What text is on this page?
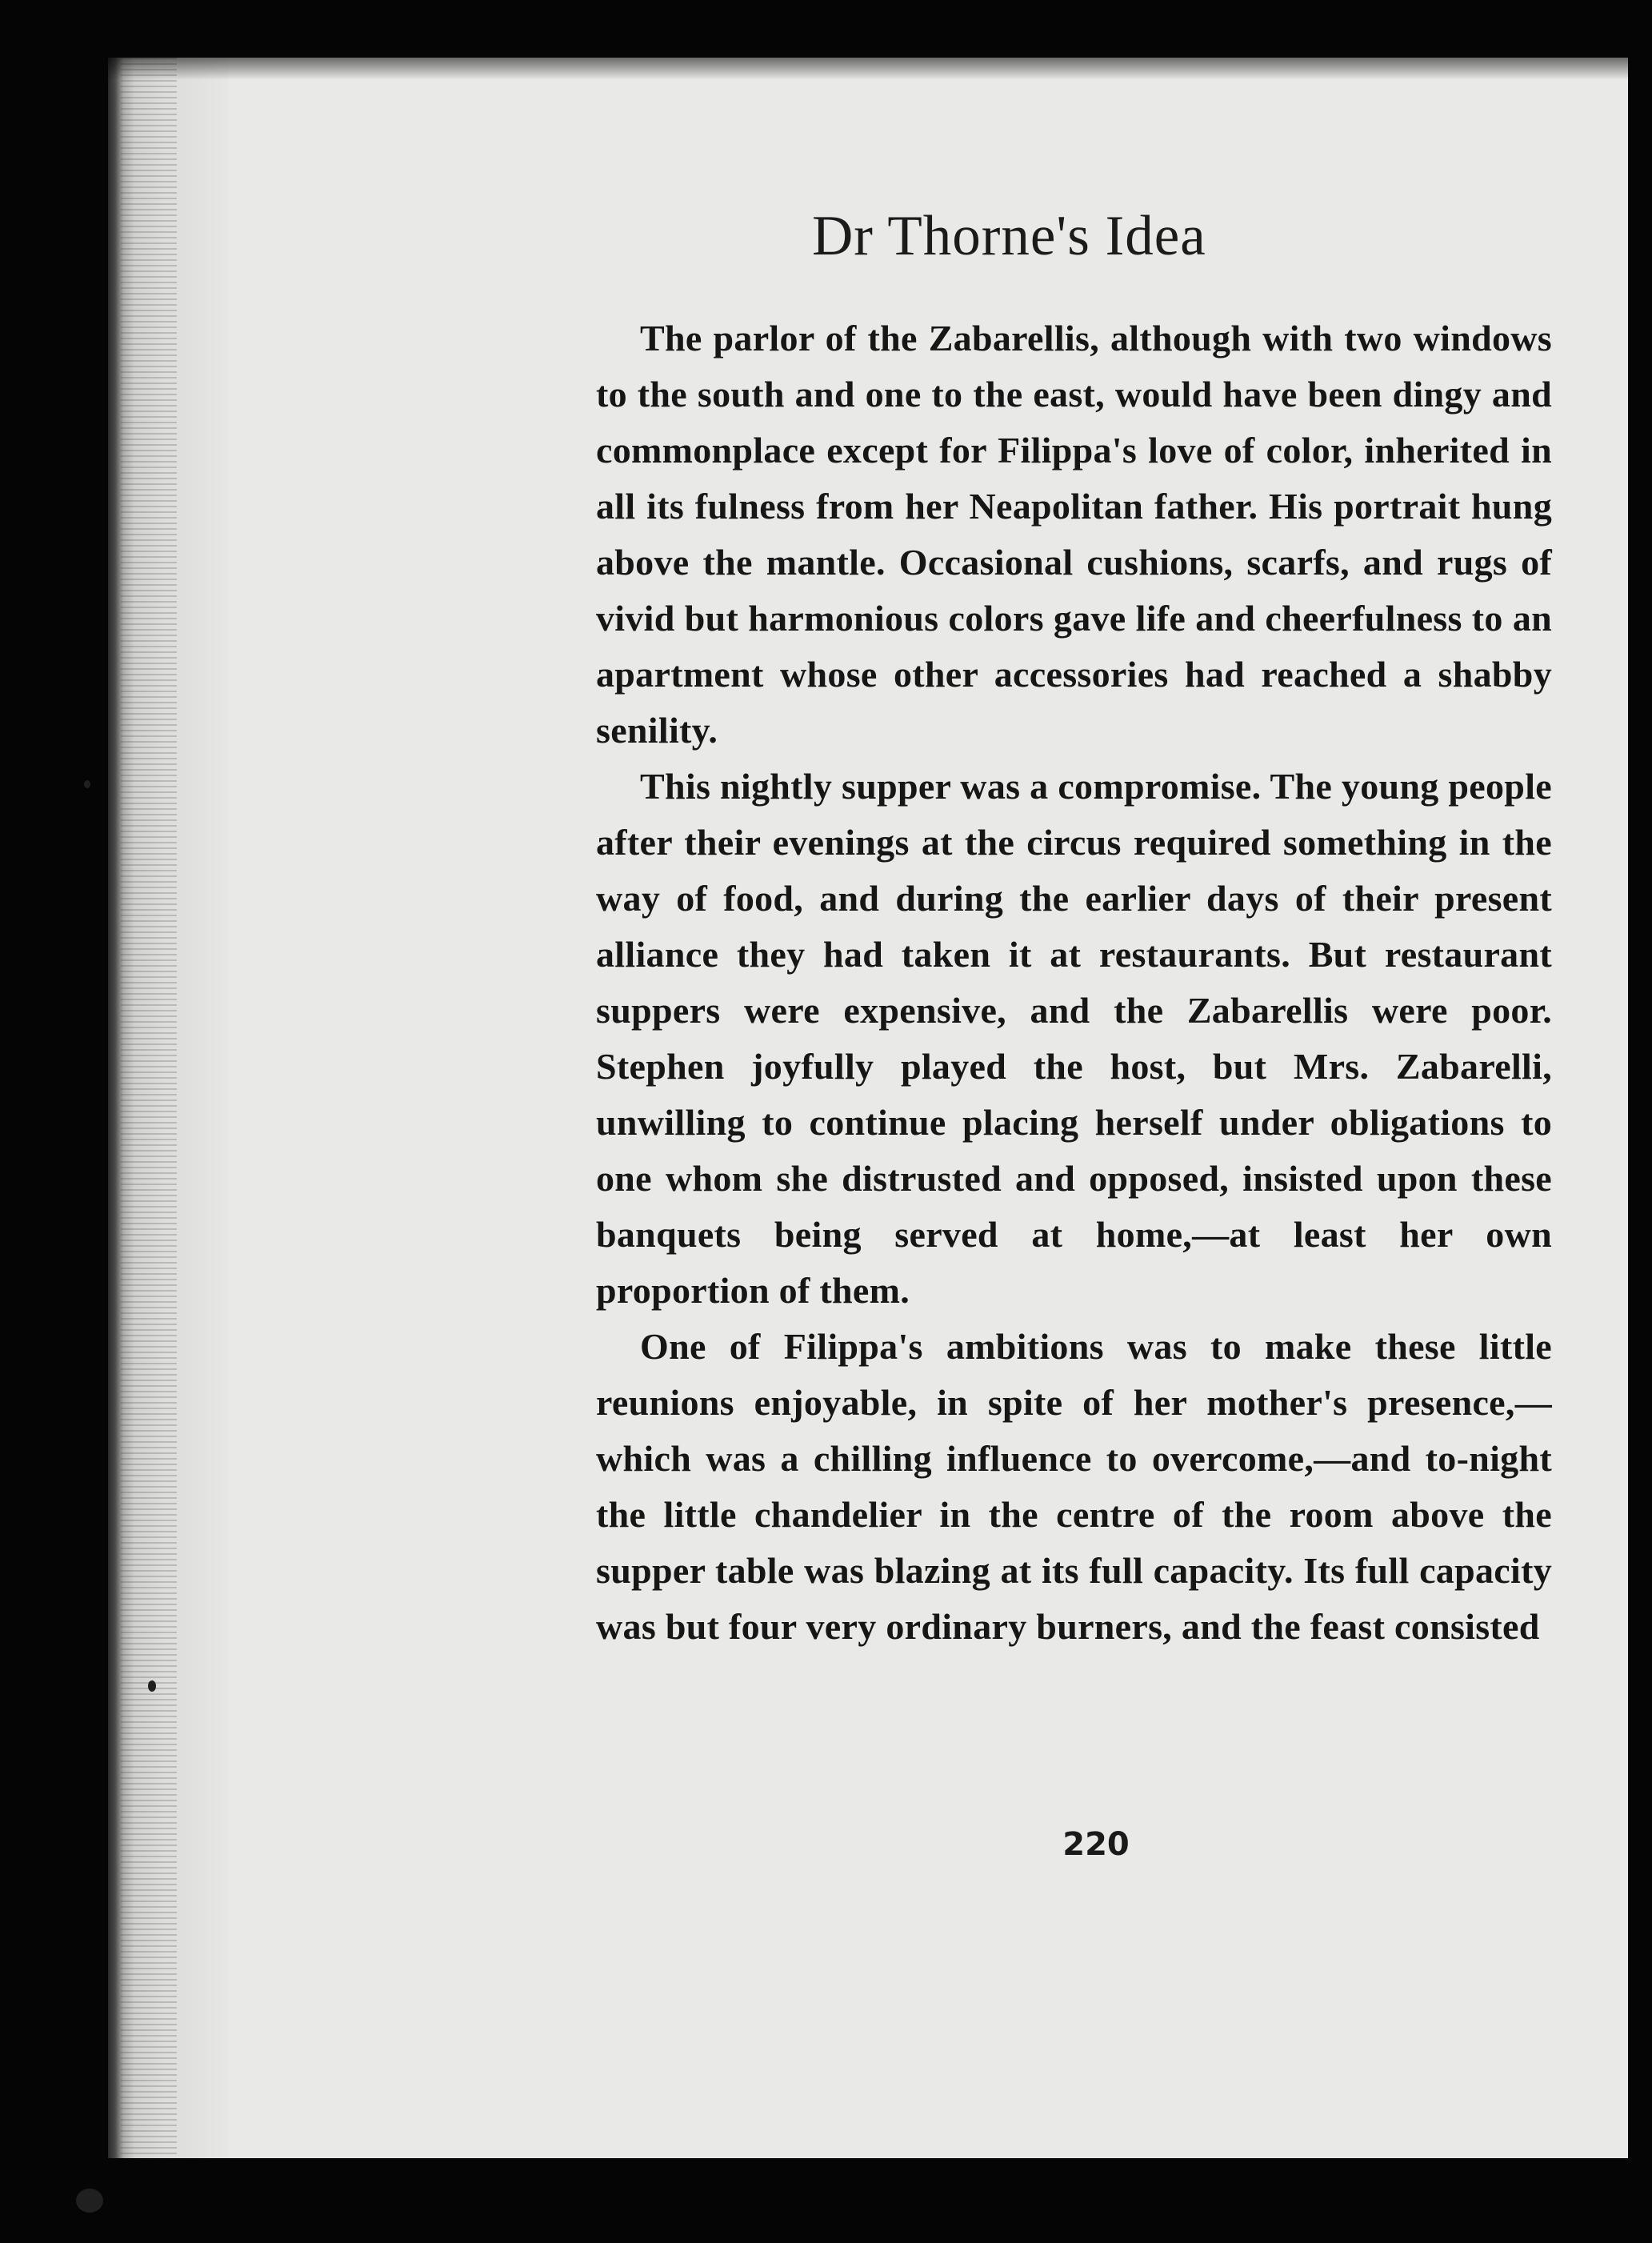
Dr Thorne's Idea

The parlor of the Zabarellis, although with two windows to the south and one to the east, would have been dingy and commonplace except for Filippa's love of color, inherited in all its fulness from her Neapolitan father. His portrait hung above the mantle. Occasional cushions, scarfs, and rugs of vivid but harmonious colors gave life and cheerfulness to an apartment whose other accessories had reached a shabby senility.

This nightly supper was a compromise. The young people after their evenings at the circus required something in the way of food, and during the earlier days of their present alliance they had taken it at restaurants. But restaurant suppers were expensive, and the Zabarellis were poor. Stephen joyfully played the host, but Mrs. Zabarelli, unwilling to continue placing herself under obligations to one whom she distrusted and opposed, insisted upon these banquets being served at home,—at least her own proportion of them.

One of Filippa's ambitions was to make these little reunions enjoyable, in spite of her mother's presence,—which was a chilling influence to overcome,—and to-night the little chandelier in the centre of the room above the supper table was blazing at its full capacity. Its full capacity was but four very ordinary burners, and the feast consisted

220
